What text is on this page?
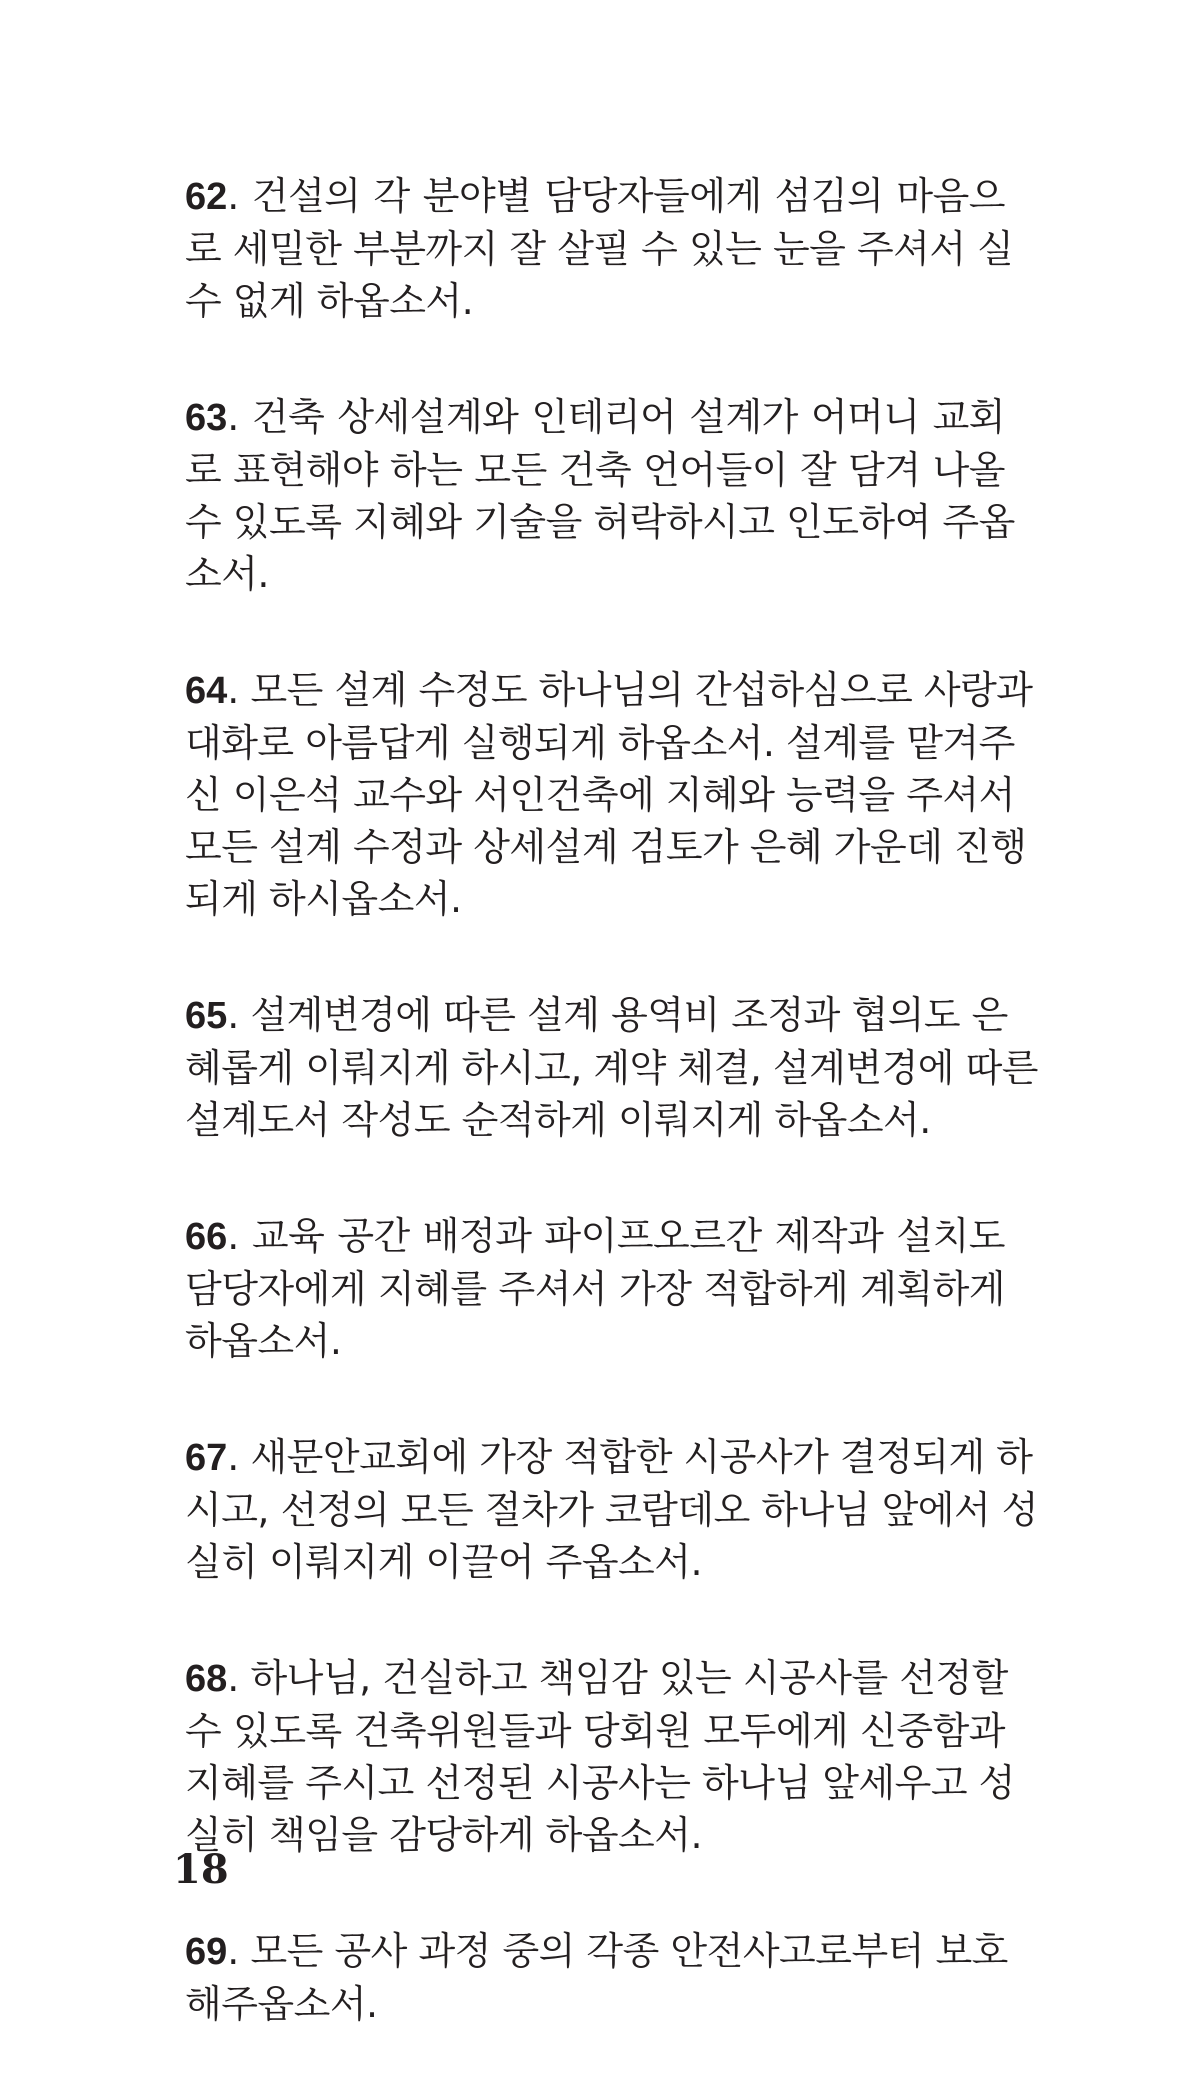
62. 건설의 각 분야별 담당자들에게 섬김의 마음으
로 세밀한 부분까지 잘 살필 수 있는 눈을 주셔서 실
수 없게 하옵소서.
63. 건축 상세설계와 인테리어 설계가 어머니 교회
로 표현해야 하는 모든 건축 언어들이 잘 담겨 나올
수 있도록 지혜와 기술을 허락하시고 인도하여 주옵
소서.
64. 모든 설계 수정도 하나님의 간섭하심으로 사랑과
대화로 아름답게 실행되게 하옵소서. 설계를 맡겨주
신 이은석 교수와 서인건축에 지혜와 능력을 주셔서
모든 설계 수정과 상세설계 검토가 은혜 가운데 진행
되게 하시옵소서.
65. 설계변경에 따른 설계 용역비 조정과 협의도 은
혜롭게 이뤄지게 하시고, 계약 체결, 설계변경에 따른
설계도서 작성도 순적하게 이뤄지게 하옵소서.
66. 교육 공간 배정과 파이프오르간 제작과 설치도
담당자에게 지혜를 주셔서 가장 적합하게 계획하게
하옵소서.
67. 새문안교회에 가장 적합한 시공사가 결정되게 하
시고, 선정의 모든 절차가 코람데오 하나님 앞에서 성
실히 이뤄지게 이끌어 주옵소서.
68. 하나님, 건실하고 책임감 있는 시공사를 선정할
수 있도록 건축위원들과 당회원 모두에게 신중함과
지혜를 주시고 선정된 시공사는 하나님 앞세우고 성
실히 책임을 감당하게 하옵소서.
69. 모든 공사 과정 중의 각종 안전사고로부터 보호
해주옵소서.
18
